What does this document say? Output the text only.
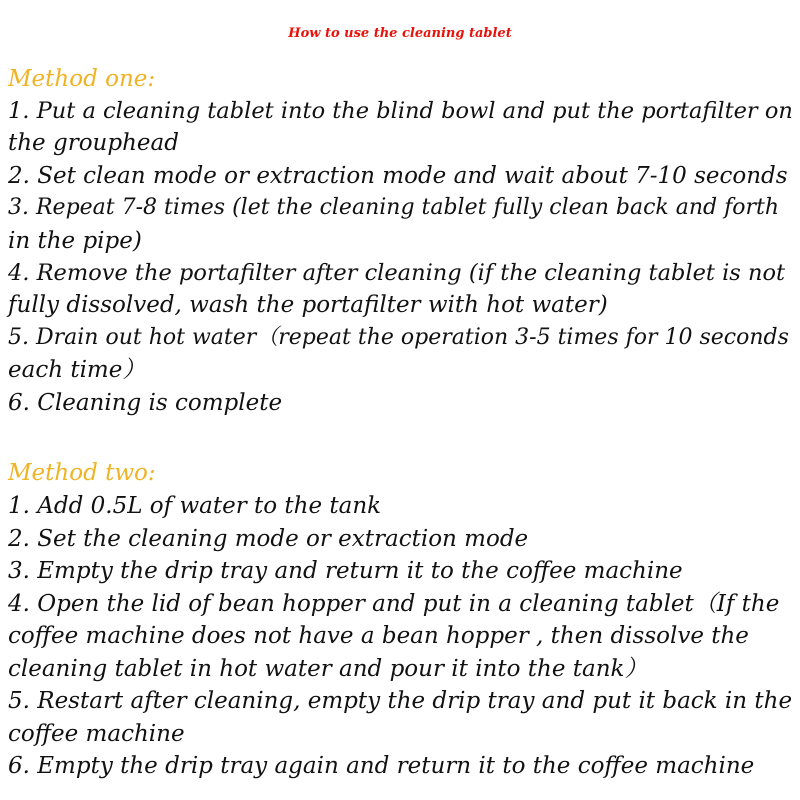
How to use the cleaning tablet
Method one:
1. Put a cleaning tablet into the blind bowl and put the portafilter on
the grouphead
2. Set clean mode or extraction mode and wait about 7-10 seconds
3. Repeat 7-8 times (let the cleaning tablet fully clean back and forth
in the pipe)
4. Remove the portafilter after cleaning (if the cleaning tablet is not
fully dissolved, wash the portafilter with hot water)
5. Drain out hot water（repeat the operation 3-5 times for 10 seconds
each time）
6. Cleaning is complete
Method two:
1. Add 0.5L of water to the tank
2. Set the cleaning mode or extraction mode
3. Empty the drip tray and return it to the coffee machine
4. Open the lid of bean hopper and put in a cleaning tablet（If the
coffee machine does not have a bean hopper , then dissolve the
cleaning tablet in hot water and pour it into the tank）
5. Restart after cleaning, empty the drip tray and put it back in the
coffee machine
6. Empty the drip tray again and return it to the coffee machine
